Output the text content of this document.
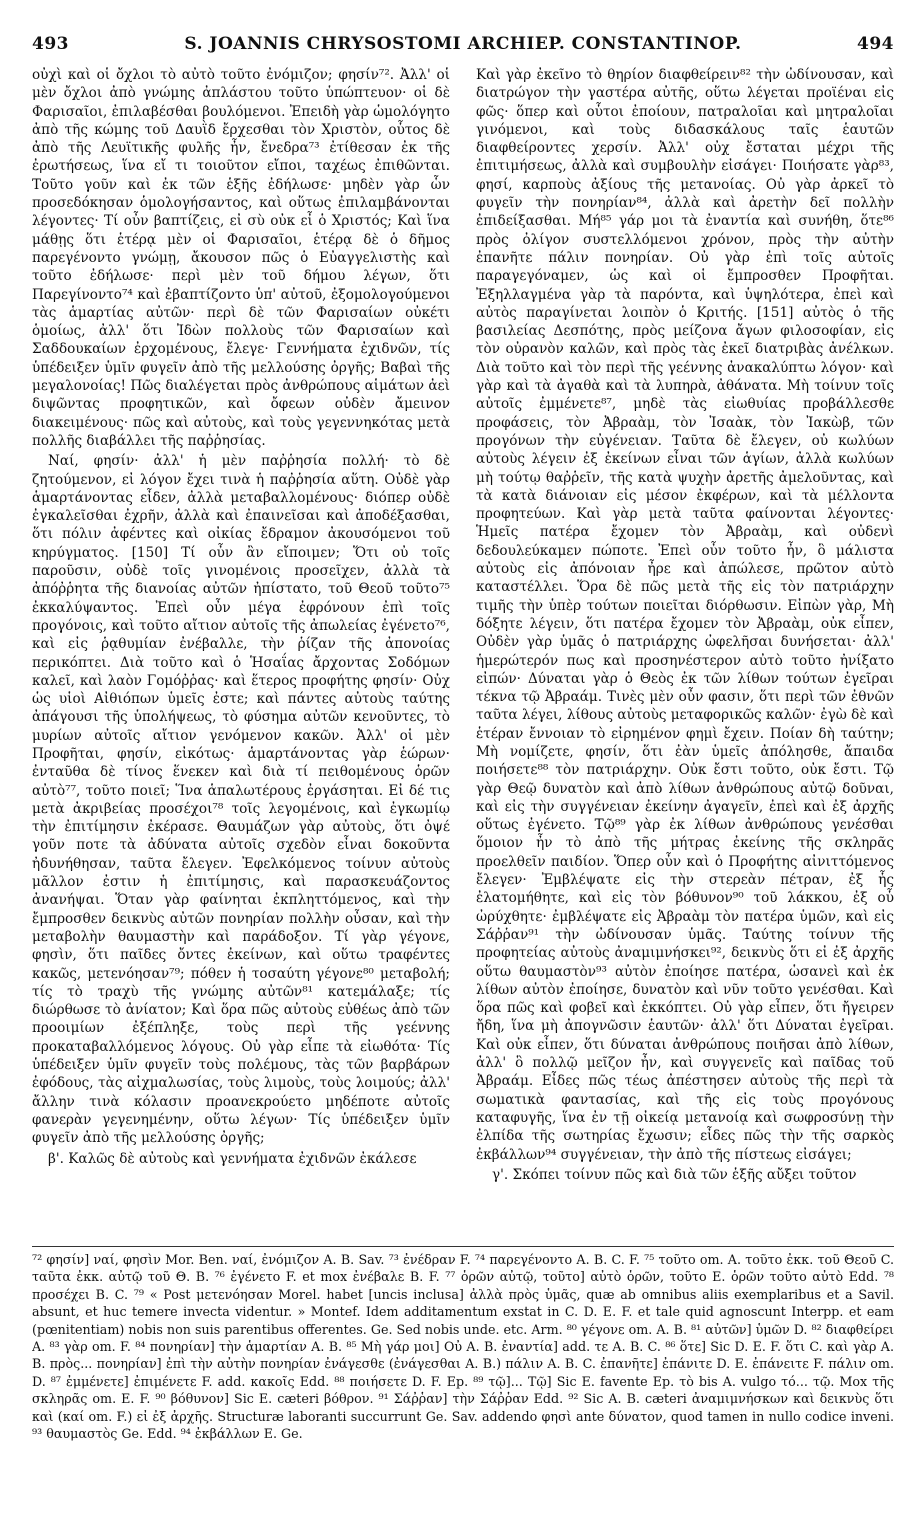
493	S. JOANNIS CHRYSOSTOMI ARCHIEP. CONSTANTINOP.	494

οὐχὶ καὶ οἱ ὄχλοι τὸ αὐτὸ τοῦτο ἐνόμιζον; φησίν⁷². Ἀλλ' οἱ μὲν ὄχλοι ἀπὸ γνώμης ἀπλάστου τοῦτο ὑπώπτευον· οἱ δὲ Φαρισαῖοι, ἐπιλαβέσθαι βουλόμενοι. Ἐπειδὴ γὰρ ὡμολόγητο ἀπὸ τῆς κώμης τοῦ Δαυῒδ ἔρχεσθαι τὸν Χριστὸν, οὗτος δὲ ἀπὸ τῆς Λευϊτικῆς φυλῆς ἦν, ἔνεδρα⁷³ ἐτίθεσαν ἐκ τῆς ἐρωτήσεως, ἵνα εἴ τι τοιοῦτον εἴποι, ταχέως ἐπιθῶνται. Τοῦτο γοῦν καὶ ἐκ τῶν ἑξῆς ἐδήλωσε· μηδὲν γὰρ ὧν προσεδόκησαν ὁμολογήσαντος, καὶ οὕτως ἐπιλαμβάνονται λέγοντες· Τί οὖν βαπτίζεις, εἰ σὺ οὐκ εἶ ὁ Χριστός; Καὶ ἵνα μάθῃς ὅτι ἑτέρᾳ μὲν οἱ Φαρισαῖοι, ἑτέρᾳ δὲ ὁ δῆμος παρεγένοντο γνώμῃ, ἄκουσον πῶς ὁ Εὐαγγελιστὴς καὶ τοῦτο ἐδήλωσε· περὶ μὲν τοῦ δήμου λέγων, ὅτι Παρεγίνοντο⁷⁴ καὶ ἐβαπτίζοντο ὑπ' αὐτοῦ, ἐξομολογούμενοι τὰς ἁμαρτίας αὐτῶν· περὶ δὲ τῶν Φαρισαίων οὐκέτι ὁμοίως, ἀλλ' ὅτι Ἰδὼν πολλοὺς τῶν Φαρισαίων καὶ Σαδδουκαίων ἐρχομένους, ἔλεγε· Γεννήματα ἐχιδνῶν, τίς ὑπέδειξεν ὑμῖν φυγεῖν ἀπὸ τῆς μελλούσης ὀργῆς; Βαβαὶ τῆς μεγαλονοίας! Πῶς διαλέγεται πρὸς ἀνθρώπους αἱμάτων ἀεὶ διψῶντας προφητικῶν, καὶ ὄφεων οὐδὲν ἄμεινον διακειμένους· πῶς καὶ αὐτοὺς, καὶ τοὺς γεγεννηκότας μετὰ πολλῆς διαβάλλει τῆς παῤῥησίας.

Ναί, φησίν· ἀλλ' ἡ μὲν παῤῥησία πολλή· τὸ δὲ ζητούμενον, εἰ λόγον ἔχει τινὰ ἡ παῤῥησία αὕτη. Οὐδὲ γὰρ ἁμαρτάνοντας εἶδεν, ἀλλὰ μεταβαλλομένους· διόπερ οὐδὲ ἐγκαλεῖσθαι ἐχρῆν, ἀλλὰ καὶ ἐπαινεῖσαι καὶ ἀποδέξασθαι, ὅτι πόλιν ἀφέντες καὶ οἰκίας ἔδραμον ἀκουσόμενοι τοῦ κηρύγματος. [150] Τί οὖν ἂν εἴποιμεν; Ὅτι οὐ τοῖς παροῦσιν, οὐδὲ τοῖς γινομένοις προσεῖχεν, ἀλλὰ τὰ ἀπόῤῥητα τῆς διανοίας αὐτῶν ἠπίστατο, τοῦ Θεοῦ τοῦτο⁷⁵ ἐκκαλύψαντος. Ἐπεὶ οὖν μέγα ἐφρόνουν ἐπὶ τοῖς προγόνοις, καὶ τοῦτο αἴτιον αὐτοῖς τῆς ἀπωλείας ἐγένετο⁷⁶, καὶ εἰς ῥᾳθυμίαν ἐνέβαλλε, τὴν ῥίζαν τῆς ἀπονοίας περικόπτει. Διὰ τοῦτο καὶ ὁ Ἡσαΐας ἄρχοντας Σοδόμων καλεῖ, καὶ λαὸν Γομόῤῥας· καὶ ἕτερος προφήτης φησίν· Οὐχ ὡς υἱοὶ Αἰθιόπων ὑμεῖς ἐστε; καὶ πάντες αὐτοὺς ταύτης ἀπάγουσι τῆς ὑπολήψεως, τὸ φύσημα αὐτῶν κενοῦντες, τὸ μυρίων αὐτοῖς αἴτιον γενόμενον κακῶν. Ἀλλ' οἱ μὲν Προφῆται, φησίν, εἰκότως· ἁμαρτάνοντας γὰρ ἑώρων· ἐνταῦθα δὲ τίνος ἕνεκεν καὶ διὰ τί πειθομένους ὁρῶν αὐτὸ⁷⁷, τοῦτο ποιεῖ; Ἵνα ἁπαλωτέρους ἐργάσηται. Εἰ δέ τις μετὰ ἀκριβείας προσέχοι⁷⁸ τοῖς λεγομένοις, καὶ ἐγκωμίῳ τὴν ἐπιτίμησιν ἐκέρασε. Θαυμάζων γὰρ αὐτοὺς, ὅτι ὀψέ γοῦν ποτε τὰ ἀδύνατα αὐτοῖς σχεδὸν εἶναι δοκοῦντα ἠδυνήθησαν, ταῦτα ἔλεγεν. Ἐφελκόμενος τοίνυν αὐτοὺς μᾶλλον ἐστιν ἡ ἐπιτίμησις, καὶ παρασκευάζοντος ἀνανήψαι. Ὅταν γὰρ φαίνηται ἐκπληττόμενος, καὶ τὴν ἔμπροσθεν δεικνὺς αὐτῶν πονηρίαν πολλὴν οὖσαν, καὶ τὴν μεταβολὴν θαυμαστὴν καὶ παράδοξον. Τί γὰρ γέγονε, φησὶν, ὅτι παῖδες ὄντες ἐκείνων, καὶ οὕτω τραφέντες κακῶς, μετενόησαν⁷⁹; πόθεν ἡ τοσαύτη γέγονε⁸⁰ μεταβολή; τίς τὸ τραχὺ τῆς γνώμης αὐτῶν⁸¹ κατεμάλαξε; τίς διώρθωσε τὸ ἀνίατον; Καὶ ὅρα πῶς αὐτοὺς εὐθέως ἀπὸ τῶν προοιμίων ἐξέπληξε, τοὺς περὶ τῆς γεέννης προκαταβαλλόμενος λόγους. Οὐ γὰρ εἶπε τὰ εἰωθότα· Τίς ὑπέδειξεν ὑμῖν φυγεῖν τοὺς πολέμους, τὰς τῶν βαρβάρων ἐφόδους, τὰς αἰχμαλωσίας, τοὺς λιμοὺς, τοὺς λοιμούς; ἀλλ' ἄλλην τινὰ κόλασιν προανεκρούετο μηδέποτε αὐτοῖς φανερὰν γεγενημένην, οὕτω λέγων· Τίς ὑπέδειξεν ὑμῖν φυγεῖν ἀπὸ τῆς μελλούσης ὀργῆς;

β'. Καλῶς δὲ αὐτοὺς καὶ γεννήματα ἐχιδνῶν ἐκάλεσε

Καὶ γὰρ ἐκεῖνο τὸ θηρίον διαφθείρειν⁸² τὴν ὠδίνουσαν, καὶ διατρώγον τὴν γαστέρα αὐτῆς, οὕτω λέγεται προϊέναι εἰς φῶς· ὅπερ καὶ οὗτοι ἐποίουν, πατραλοῖαι καὶ μητραλοῖαι γινόμενοι, καὶ τοὺς διδασκάλους ταῖς ἑαυτῶν διαφθείροντες χερσίν. Ἀλλ' οὐχ ἔσταται μέχρι τῆς ἐπιτιμήσεως, ἀλλὰ καὶ συμβουλὴν εἰσάγει· Ποιήσατε γὰρ⁸³, φησί, καρποὺς ἀξίους τῆς μετανοίας. Οὐ γὰρ ἀρκεῖ τὸ φυγεῖν τὴν πονηρίαν⁸⁴, ἀλλὰ καὶ ἀρετὴν δεῖ πολλὴν ἐπιδείξασθαι. Μή⁸⁵ γάρ μοι τὰ ἐναντία καὶ συνήθη, ὅτε⁸⁶ πρὸς ὀλίγον συστελλόμενοι χρόνον, πρὸς τὴν αὐτὴν ἐπανῆτε πάλιν πονηρίαν. Οὐ γὰρ ἐπὶ τοῖς αὐτοῖς παραγεγόναμεν, ὡς καὶ οἱ ἔμπροσθεν Προφῆται. Ἐξηλλαγμένα γὰρ τὰ παρόντα, καὶ ὑψηλότερα, ἐπεὶ καὶ αὐτὸς παραγίνεται λοιπὸν ὁ Κριτής. [151] αὐτὸς ὁ τῆς βασιλείας Δεσπότης, πρὸς μείζονα ἄγων φιλοσοφίαν, εἰς τὸν οὐρανὸν καλῶν, καὶ πρὸς τὰς ἐκεῖ διατριβὰς ἀνέλκων. Διὰ τοῦτο καὶ τὸν περὶ τῆς γεέννης ἀνακαλύπτω λόγον· καὶ γὰρ καὶ τὰ ἀγαθὰ καὶ τὰ λυπηρὰ, ἀθάνατα. Μὴ τοίνυν τοῖς αὐτοῖς ἐμμένετε⁸⁷, μηδὲ τὰς εἰωθυίας προβάλλεσθε προφάσεις, τὸν Ἀβραὰμ, τὸν Ἰσαὰκ, τὸν Ἰακὼβ, τῶν προγόνων τὴν εὐγένειαν. Ταῦτα δὲ ἔλεγεν, οὐ κωλύων αὐτοὺς λέγειν ἐξ ἐκείνων εἶναι τῶν ἁγίων, ἀλλὰ κωλύων μὴ τούτῳ θαῤῥεῖν, τῆς κατὰ ψυχὴν ἀρετῆς ἀμελοῦντας, καὶ τὰ κατὰ διάνοιαν εἰς μέσον ἐκφέρων, καὶ τὰ μέλλοντα προφητεύων. Καὶ γὰρ μετὰ ταῦτα φαίνονται λέγοντες· Ἡμεῖς πατέρα ἔχομεν τὸν Ἀβραὰμ, καὶ οὐδενὶ δεδουλεύκαμεν πώποτε. Ἐπεὶ οὖν τοῦτο ἦν, ὃ μάλιστα αὐτοὺς εἰς ἀπόνοιαν ἦρε καὶ ἀπώλεσε, πρῶτον αὐτὸ καταστέλλει. Ὅρα δὲ πῶς μετὰ τῆς εἰς τὸν πατριάρχην τιμῆς τὴν ὑπὲρ τούτων ποιεῖται διόρθωσιν. Εἰπὼν γὰρ, Μὴ δόξητε λέγειν, ὅτι πατέρα ἔχομεν τὸν Ἀβραὰμ, οὐκ εἶπεν, Οὐδὲν γὰρ ὑμᾶς ὁ πατριάρχης ὠφελῆσαι δυνήσεται· ἀλλ' ἡμερώτερόν πως καὶ προσηνέστερον αὐτὸ τοῦτο ἠνίξατο εἰπών· Δύναται γὰρ ὁ Θεὸς ἐκ τῶν λίθων τούτων ἐγεῖραι τέκνα τῷ Ἀβραάμ. Τινὲς μὲν οὖν φασιν, ὅτι περὶ τῶν ἐθνῶν ταῦτα λέγει, λίθους αὐτοὺς μεταφορικῶς καλῶν· ἐγὼ δὲ καὶ ἑτέραν ἔννοιαν τὸ εἰρημένον φημὶ ἔχειν. Ποίαν δὴ ταύτην; Μὴ νομίζετε, φησίν, ὅτι ἐὰν ὑμεῖς ἀπόλησθε, ἄπαιδα ποιήσετε⁸⁸ τὸν πατριάρχην. Οὐκ ἔστι τοῦτο, οὐκ ἔστι. Τῷ γὰρ Θεῷ δυνατὸν καὶ ἀπὸ λίθων ἀνθρώπους αὐτῷ δοῦναι, καὶ εἰς τὴν συγγένειαν ἐκείνην ἀγαγεῖν, ἐπεὶ καὶ ἐξ ἀρχῆς οὕτως ἐγένετο. Τῷ⁸⁹ γὰρ ἐκ λίθων ἀνθρώπους γενέσθαι ὅμοιον ἦν τὸ ἀπὸ τῆς μήτρας ἐκείνης τῆς σκληρᾶς προελθεῖν παιδίον. Ὅπερ οὖν καὶ ὁ Προφήτης αἰνιττόμενος ἔλεγεν· Ἐμβλέψατε εἰς τὴν στερεὰν πέτραν, ἐξ ἧς ἐλατομήθητε, καὶ εἰς τὸν βόθυνον⁹⁰ τοῦ λάκκου, ἐξ οὗ ὠρύχθητε· ἐμβλέψατε εἰς Ἀβραὰμ τὸν πατέρα ὑμῶν, καὶ εἰς Σάῤῥαν⁹¹ τὴν ὠδίνουσαν ὑμᾶς. Ταύτης τοίνυν τῆς προφητείας αὐτοὺς ἀναμιμνήσκει⁹², δεικνὺς ὅτι εἰ ἐξ ἀρχῆς οὕτω θαυμαστὸν⁹³ αὐτὸν ἐποίησε πατέρα, ὡσανεὶ καὶ ἐκ λίθων αὐτὸν ἐποίησε, δυνατὸν καὶ νῦν τοῦτο γενέσθαι. Καὶ ὅρα πῶς καὶ φοβεῖ καὶ ἐκκόπτει. Οὐ γὰρ εἶπεν, ὅτι ἤγειρεν ἤδη, ἵνα μὴ ἀπογνῶσιν ἑαυτῶν· ἀλλ' ὅτι Δύναται ἐγεῖραι. Καὶ οὐκ εἶπεν, ὅτι δύναται ἀνθρώπους ποιῆσαι ἀπὸ λίθων, ἀλλ' ὃ πολλῷ μεῖζον ἦν, καὶ συγγενεῖς καὶ παῖδας τοῦ Ἀβραάμ. Εἶδες πῶς τέως ἀπέστησεν αὐτοὺς τῆς περὶ τὰ σωματικὰ φαντασίας, καὶ τῆς εἰς τοὺς προγόνους καταφυγῆς, ἵνα ἐν τῇ οἰκείᾳ μετανοίᾳ καὶ σωφροσύνῃ τὴν ἐλπίδα τῆς σωτηρίας ἔχωσιν; εἶδες πῶς τὴν τῆς σαρκὸς ἐκβάλλων⁹⁴ συγγένειαν, τὴν ἀπὸ τῆς πίστεως εἰσάγει;

γ'. Σκόπει τοίνυν πῶς καὶ διὰ τῶν ἑξῆς αὔξει τοῦτον

⁷² φησίν] ναί, φησὶν Mor. Ben. ναί, ἐνόμιζον A. B. Sav. ⁷³ ἐνέδραν F. ⁷⁴ παρεγένοντο A. B. C. F. ⁷⁵ τοῦτο om. A. τοῦτο ἐκκ. τοῦ Θεοῦ C. ταῦτα ἐκκ. αὐτῷ τοῦ Θ. B. ⁷⁶ ἐγένετο F. et mox ἐνέβαλε B. F. ⁷⁷ ὁρῶν αὐτῷ, τοῦτο] αὐτὸ ὁρῶν, τοῦτο E. ὁρῶν τοῦτο αὐτὸ Edd. ⁷⁸ προσέχει B. C. ⁷⁹ « Post μετενόησαν Morel. habet [uncis inclusa] ἀλλὰ πρὸς ὑμᾶς, quæ ab omnibus aliis exemplaribus et a Savil. absunt, et huc temere invecta videntur. » Montef. Idem additamentum exstat in C. D. E. F. et tale quid agnoscunt Interpp. et eam (pœnitentiam) nobis non suis parentibus offerentes. Ge. Sed nobis unde. etc. Arm. ⁸⁰ γέγονε om. A. B. ⁸¹ αὐτῶν] ὑμῶν D. ⁸² διαφθείρει A. ⁸³ γὰρ om. F. ⁸⁴ πονηρίαν] τὴν ἁμαρτίαν A. B. ⁸⁵ Μὴ γάρ μοι] Οὐ A. B. ἐναντία] add. τε A. B. C. ⁸⁶ ὅτε] Sic D. E. F. ὅτι C. καὶ γὰρ A. B. πρὸς... πονηρίαν] ἐπὶ τὴν αὐτὴν πονηρίαν ἐνάγεσθε (ἐνάγεσθαι A. B.) πάλιν A. B. C. ἐπανῆτε] ἐπάνιτε D. E. ἐπάνειτε F. πάλιν om. D. ⁸⁷ ἐμμένετε] ἐπιμένετε F. add. κακοῖς Edd. ⁸⁸ ποιήσετε D. F. Ep. ⁸⁹ τῷ]... Τῷ] Sic E. favente Ep. τὸ bis A. vulgo τό... τῷ. Mox τῆς σκληρᾶς om. E. F. ⁹⁰ βόθυνον] Sic E. cæteri βόθρον. ⁹¹ Σάῤῥαν] τὴν Σάῤῥαν Edd. ⁹² Sic A. B. cæteri ἀναμιμνήσκων καὶ δεικνὺς ὅτι καὶ (καί om. F.) εἰ ἐξ ἀρχῆς. Structuræ laboranti succurrunt Ge. Sav. addendo φησὶ ante δύνατον, quod tamen in nullo codice inveni. ⁹³ θαυμαστὸς Ge. Edd. ⁹⁴ ἐκβάλλων E. Ge.
